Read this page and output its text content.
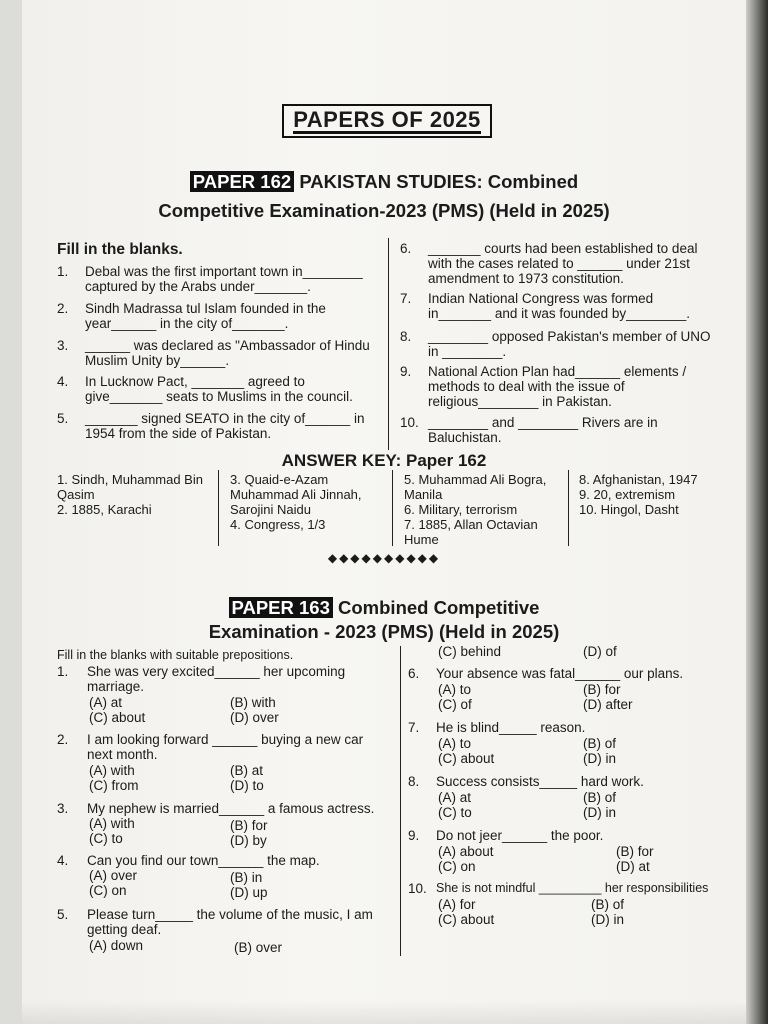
PAPERS OF 2025
PAPER 162 PAKISTAN STUDIES: Combined
Competitive Examination-2023 (PMS) (Held in 2025)
Fill in the blanks.
1. Debal was the first important town in________ captured by the Arabs under_______.
2. Sindh Madrassa tul Islam founded in the year______ in the city of_______.
3. ______ was declared as "Ambassador of Hindu Muslim Unity by______.
4. In Lucknow Pact, _______ agreed to give_______ seats to Muslims in the council.
5. _______ signed SEATO in the city of______ in 1954 from the side of Pakistan.
6. _______ courts had been established to deal with the cases related to ______ under 21st amendment to 1973 constitution.
7. Indian National Congress was formed in_______ and it was founded by________.
8. ________ opposed Pakistan's member of UNO in ________.
9. National Action Plan had______ elements / methods to deal with the issue of religious________ in Pakistan.
10. ________ and ________ Rivers are in Baluchistan.
ANSWER KEY: Paper 162
1. Sindh, Muhammad Bin Qasim
2. 1885, Karachi
3. Quaid-e-Azam Muhammad Ali Jinnah, Sarojini Naidu
4. Congress, 1/3
5. Muhammad Ali Bogra, Manila
6. Military, terrorism
7. 1885, Allan Octavian Hume
8. Afghanistan, 1947
9. 20, extremism
10. Hingol, Dasht
◆◆◆◆◆◆◆◆◆◆
PAPER 163 Combined Competitive
Examination - 2023 (PMS) (Held in 2025)
Fill in the blanks with suitable prepositions.
1. She was very excited______ her upcoming marriage.
(A) at	(B) with
(C) about	(D) over
2. I am looking forward ______ buying a new car next month.
(A) with	(B) at
(C) from	(D) to
3. My nephew is married______ a famous actress.
(A) with	(B) for
(C) to	(D) by
4. Can you find our town______ the map.
(A) over	(B) in
(C) on	(D) up
5. Please turn_____ the volume of the music, I am getting deaf.
(A) down	(B) over
(C) behind	(D) of
6. Your absence was fatal______ our plans.
(A) to	(B) for
(C) of	(D) after
7. He is blind_____ reason.
(A) to	(B) of
(C) about	(D) in
8. Success consists_____ hard work.
(A) at	(B) of
(C) to	(D) in
9. Do not jeer______ the poor.
(A) about	(B) for
(C) on	(D) at
10. She is not mindful _________ her responsibilities
(A) for	(B) of
(C) about	(D) in
